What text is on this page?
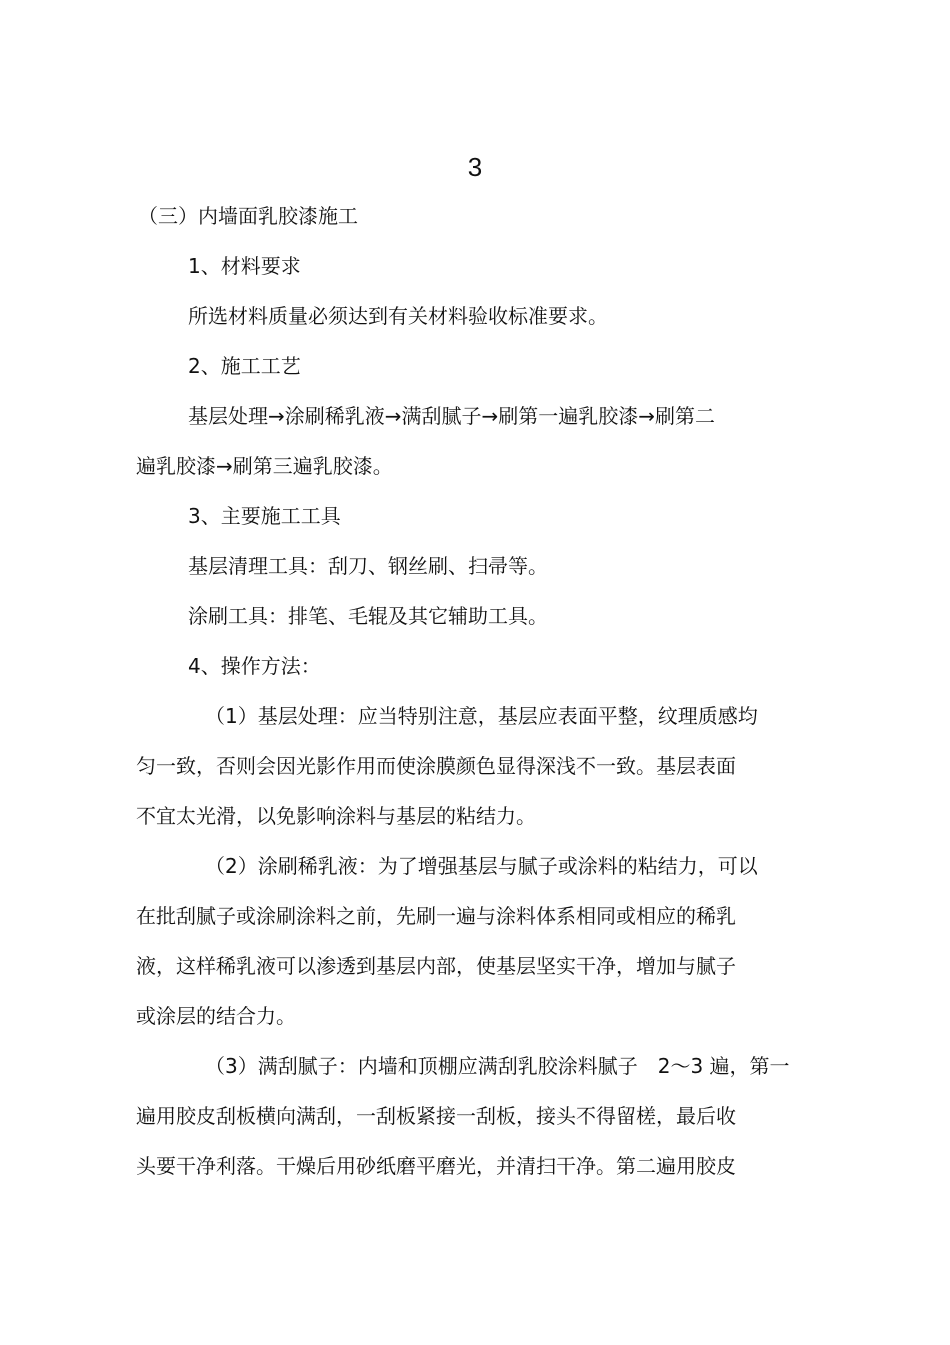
3
（三）内墙面乳胶漆施工
1、材料要求
所选材料质量必须达到有关材料验收标准要求。
2、施工工艺
基层处理→涂刷稀乳液→满刮腻子→刷第一遍乳胶漆→刷第二
遍乳胶漆→刷第三遍乳胶漆。
3、主要施工工具
基层清理工具：刮刀、钢丝刷、扫帚等。
涂刷工具：排笔、毛辊及其它辅助工具。
4、操作方法：
（1）基层处理：应当特别注意，基层应表面平整，纹理质感均
匀一致，否则会因光影作用而使涂膜颜色显得深浅不一致。基层表面
不宜太光滑，以免影响涂料与基层的粘结力。
（2）涂刷稀乳液：为了增强基层与腻子或涂料的粘结力，可以
在批刮腻子或涂刷涂料之前，先刷一遍与涂料体系相同或相应的稀乳
液，这样稀乳液可以渗透到基层内部，使基层坚实干净，增加与腻子
或涂层的结合力。
（3）满刮腻子：内墙和顶棚应满刮乳胶涂料腻子　2～3 遍，第一
遍用胶皮刮板横向满刮，一刮板紧接一刮板，接头不得留槎，最后收
头要干净利落。干燥后用砂纸磨平磨光，并清扫干净。第二遍用胶皮
